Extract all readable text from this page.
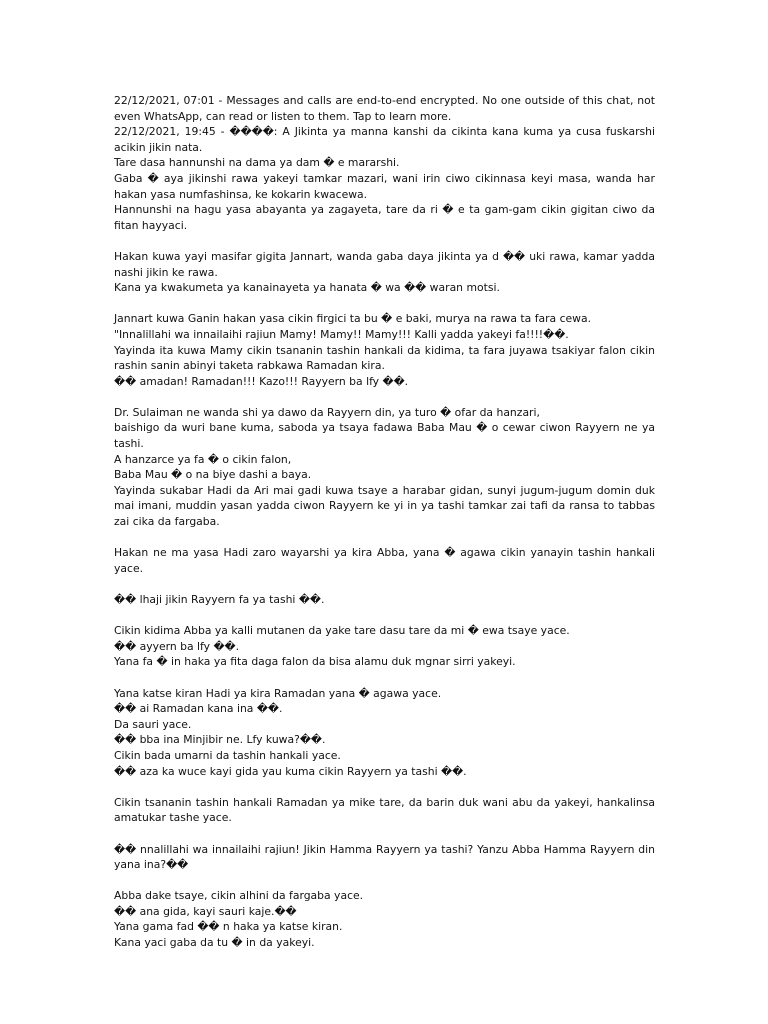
22/12/2021, 07:01 - Messages and calls are end-to-end encrypted. No one outside of this chat, not even WhatsApp, can read or listen to them. Tap to learn more.
22/12/2021, 19:45 - ����: A Jikinta ya manna kanshi da cikinta kana kuma ya cusa fuskarshi acikin jikin nata.
Tare dasa hannunshi na dama ya dam � e mararshi.
Gaba � aya jikinshi rawa yakeyi tamkar mazari, wani irin ciwo cikinnasa keyi masa, wanda har hakan yasa numfashinsa, ke kokarin kwacewa.
Hannunshi na hagu yasa abayanta ya zagayeta, tare da ri � e ta gam-gam cikin gigitan ciwo da fitan hayyaci.

Hakan kuwa yayi masifar gigita Jannart, wanda gaba daya jikinta ya d �� uki rawa, kamar yadda nashi jikin ke rawa.
Kana ya kwakumeta ya kanainayeta ya hanata � wa �� waran motsi.

Jannart kuwa Ganin hakan yasa cikin firgici ta bu � e baki, murya na rawa ta fara cewa.
"Innalillahi wa innailaihi rajiun Mamy! Mamy!! Mamy!!! Kalli yadda yakeyi fa!!!!��.
Yayinda ita kuwa Mamy cikin tsananin tashin hankali da kidima, ta fara juyawa tsakiyar falon cikin rashin sanin abinyi taketa rabkawa Ramadan kira.
�� amadan! Ramadan!!! Kazo!!! Rayyern ba lfy ��.

Dr. Sulaiman ne wanda shi ya dawo da Rayyern din, ya turo � ofar da hanzari,
baishigo da wuri bane kuma, saboda ya tsaya fadawa Baba Mau � o cewar ciwon Rayyern ne ya tashi.
A hanzarce ya fa � o cikin falon,
Baba Mau � o na biye dashi a baya.
Yayinda sukabar Hadi da Ari mai gadi kuwa tsaye a harabar gidan, sunyi jugum-jugum domin duk mai imani, muddin yasan yadda ciwon Rayyern ke yi in ya tashi tamkar zai tafi da ransa to tabbas zai cika da fargaba.

Hakan ne ma yasa Hadi zaro wayarshi ya kira Abba, yana � agawa cikin yanayin tashin hankali yace.

�� lhaji jikin Rayyern fa ya tashi ��.

Cikin kidima Abba ya kalli mutanen da yake tare dasu tare da mi � ewa tsaye yace.
�� ayyern ba lfy ��.
Yana fa � in haka ya fita daga falon da bisa alamu duk mgnar sirri yakeyi.

Yana katse kiran Hadi ya kira Ramadan yana � agawa yace.
�� ai Ramadan kana ina ��.
Da sauri yace.
�� bba ina Minjibir ne. Lfy kuwa?��.
Cikin bada umarni da tashin hankali yace.
�� aza ka wuce kayi gida yau kuma cikin Rayyern ya tashi ��.

Cikin tsananin tashin hankali Ramadan ya mike tare, da barin duk wani abu da yakeyi, hankalinsa amatukar tashe yace.

�� nnalillahi wa innailaihi rajiun! Jikin Hamma Rayyern ya tashi? Yanzu Abba Hamma Rayyern din yana ina?��

Abba dake tsaye, cikin alhini da fargaba yace.
�� ana gida, kayi sauri kaje.��
Yana gama fad �� n haka ya katse kiran.
Kana yaci gaba da tu � in da yakeyi.
